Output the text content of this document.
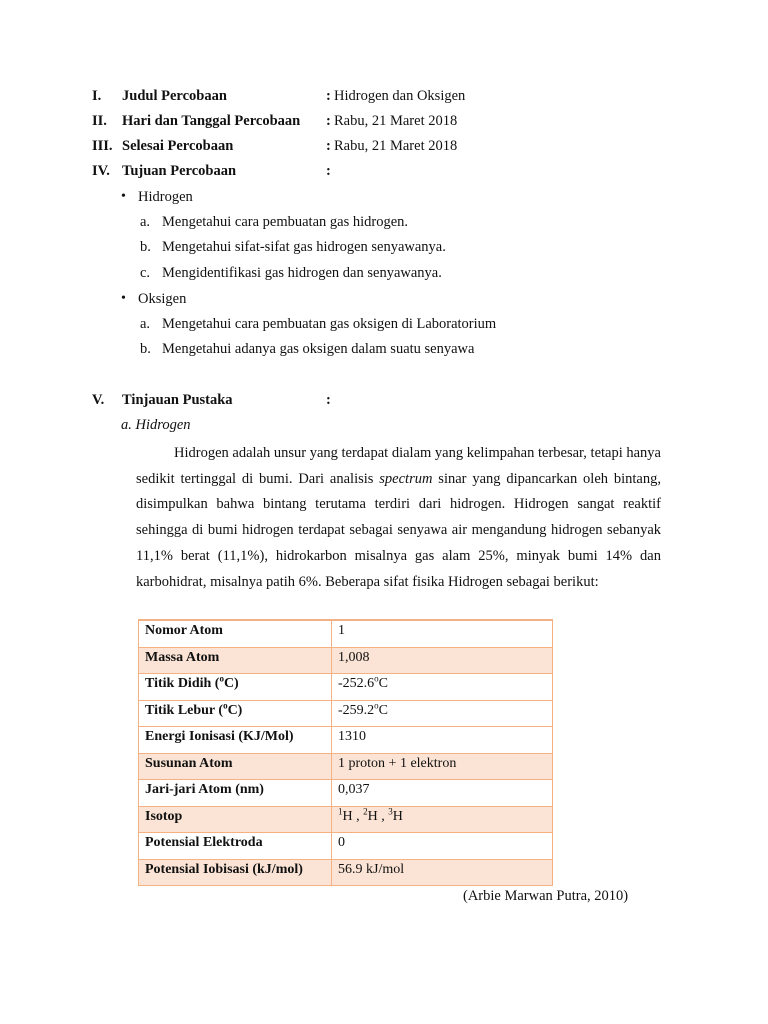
I. Judul Percobaan	: Hidrogen dan Oksigen
II. Hari dan Tanggal Percobaan : Rabu, 21 Maret 2018
III. Selesai Percobaan	: Rabu, 21 Maret 2018
IV. Tujuan Percobaan	:
• Hidrogen
a. Mengetahui cara pembuatan gas hidrogen.
b. Mengetahui sifat-sifat gas hidrogen senyawanya.
c. Mengidentifikasi gas hidrogen dan senyawanya.
• Oksigen
a. Mengetahui cara pembuatan gas oksigen di Laboratorium
b. Mengetahui adanya gas oksigen dalam suatu senyawa
V. Tinjauan Pustaka	:
a. Hidrogen
Hidrogen adalah unsur yang terdapat dialam yang kelimpahan terbesar, tetapi hanya sedikit tertinggal di bumi. Dari analisis spectrum sinar yang dipancarkan oleh bintang, disimpulkan bahwa bintang terutama terdiri dari hidrogen. Hidrogen sangat reaktif sehingga di bumi hidrogen terdapat sebagai senyawa air mengandung hidrogen sebanyak 11,1% berat (11,1%), hidrokarbon misalnya gas alam 25%, minyak bumi 14% dan karbohidrat, misalnya patih 6%. Beberapa sifat fisika Hidrogen sebagai berikut:
Nomor Atom	1
Massa Atom	1,008
Titik Didih ($^o$C)	-252.6$^o$C
Titik Lebur ($^o$C)	-259.2$^o$C
Energi Ionisasi (KJ/Mol)	1310
Susunan Atom	1 proton + 1 elektron
Jari-jari Atom (nm)	0,037
Isotop	$^1$H , $^2$H , $^3$H
Potensial Elektroda	0
Potensial Iobisasi (kJ/mol)	56.9 kJ/mol
(Arbie Marwan Putra, 2010)
